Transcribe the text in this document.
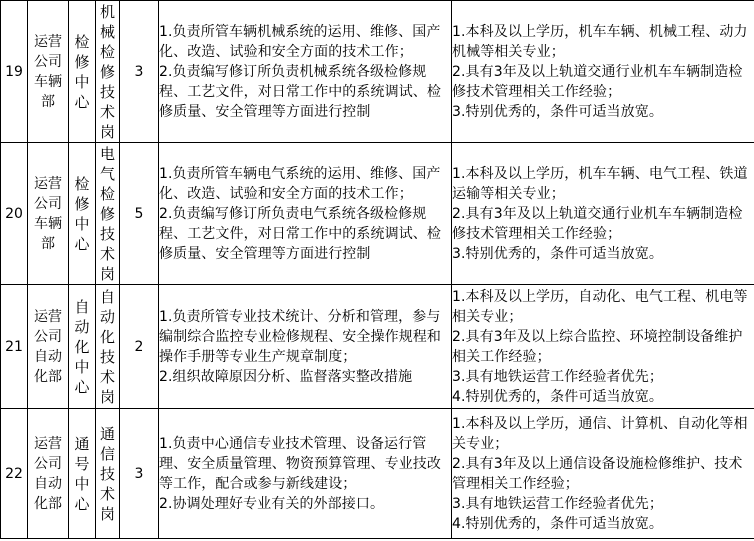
19	运营公司车辆部	检修中心	机械检修技术岗	3	1.负责所管车辆机械系统的运用、维修、国产化、改造、试验和安全方面的技术工作；
2.负责编写修订所负责机械系统各级检修规程、工艺文件，对日常工作中的系统调试、检修质量、安全管理等方面进行控制	1.本科及以上学历，机车车辆、机械工程、动力机械等相关专业；
2.具有3年及以上轨道交通行业机车车辆制造检修技术管理相关工作经验；
3.特别优秀的，条件可适当放宽。
20	运营公司车辆部	检修中心	电气检修技术岗	5	1.负责所管车辆电气系统的运用、维修、国产化、改造、试验和安全方面的技术工作；
2.负责编写修订所负责电气系统各级检修规程、工艺文件，对日常工作中的系统调试、检修质量、安全管理等方面进行控制	1.本科及以上学历，机车车辆、电气工程、铁道运输等相关专业；
2.具有3年及以上轨道交通行业机车车辆制造检修技术管理相关工作经验；
3.特别优秀的，条件可适当放宽。
21	运营公司自动化部	自动化中心	自动化技术岗	2	1.负责所管专业技术统计、分析和管理，参与编制综合监控专业检修规程、安全操作规程和操作手册等专业生产规章制度；
2.组织故障原因分析、监督落实整改措施	1.本科及以上学历，自动化、电气工程、机电等相关专业；
2.具有3年及以上综合监控、环境控制设备维护相关工作经验；
3.具有地铁运营工作经验者优先；
4.特别优秀的，条件可适当放宽。
22	运营公司自动化部	通号中心	通信技术岗	3	1.负责中心通信专业技术管理、设备运行管理、安全质量管理、物资预算管理、专业技改等工作，配合或参与新线建设；
2.协调处理好专业有关的外部接口。	1.本科及以上学历，通信、计算机、自动化等相关专业；
2.具有3年及以上通信设备设施检修维护、技术管理相关工作经验；
3.具有地铁运营工作经验者优先；
4.特别优秀的，条件可适当放宽。
